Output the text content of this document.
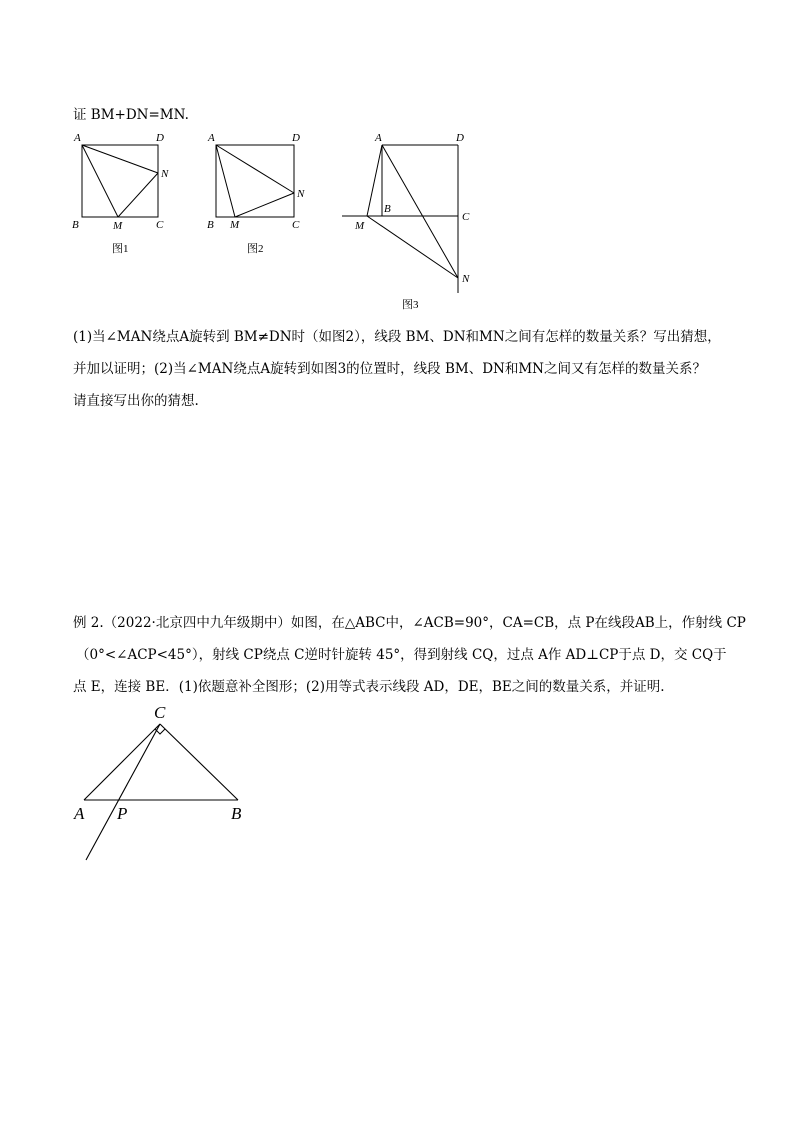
证 BM+DN=MN.
A	D
N
B	M	C
图1
A	D
N
B M	C
图2
A	D
B
C
M
N
图3
(1)当∠MAN绕点A旋转到 BM≠DN时（如图2），线段 BM、DN和MN之间有怎样的数量关系？写出猜想，
并加以证明；(2)当∠MAN绕点A旋转到如图3的位置时，线段 BM、DN和MN之间又有怎样的数量关系？
请直接写出你的猜想.
例 2.（2022·北京四中九年级期中）如图，在△ABC中，∠ACB=90°，CA=CB，点 P在线段AB上，作射线 CP
（0°<∠ACP<45°），射线 CP绕点 C逆时针旋转 45°，得到射线 CQ，过点 A作 AD⊥CP于点 D，交 CQ于
点 E，连接 BE．(1)依题意补全图形；(2)用等式表示线段 AD，DE，BE之间的数量关系，并证明.
C
A P	B
